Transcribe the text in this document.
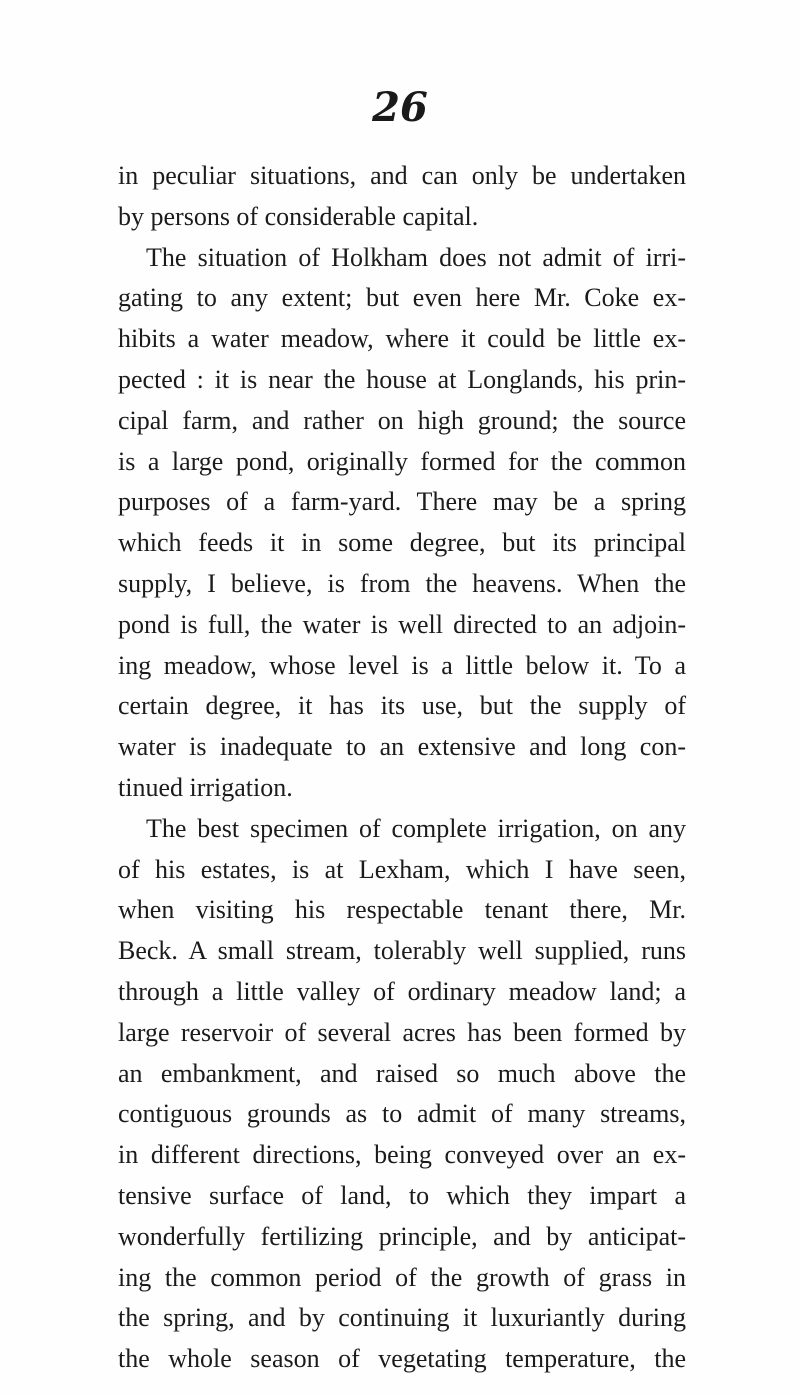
26
in peculiar situations, and can only be undertaken
by persons of considerable capital.
The situation of Holkham does not admit of irri-
gating to any extent; but even here Mr. Coke ex-
hibits a water meadow, where it could be little ex-
pected : it is near the house at Longlands, his prin-
cipal farm, and rather on high ground; the source
is a large pond, originally formed for the common
purposes of a farm-yard. There may be a spring
which feeds it in some degree, but its principal
supply, I believe, is from the heavens. When the
pond is full, the water is well directed to an adjoin-
ing meadow, whose level is a little below it. To a
certain degree, it has its use, but the supply of
water is inadequate to an extensive and long con-
tinued irrigation.
The best specimen of complete irrigation, on any
of his estates, is at Lexham, which I have seen,
when visiting his respectable tenant there, Mr.
Beck. A small stream, tolerably well supplied, runs
through a little valley of ordinary meadow land; a
large reservoir of several acres has been formed by
an embankment, and raised so much above the
contiguous grounds as to admit of many streams,
in different directions, being conveyed over an ex-
tensive surface of land, to which they impart a
wonderfully fertilizing principle, and by anticipat-
ing the common period of the growth of grass in
the spring, and by continuing it luxuriantly during
the whole season of vegetating temperature, the
